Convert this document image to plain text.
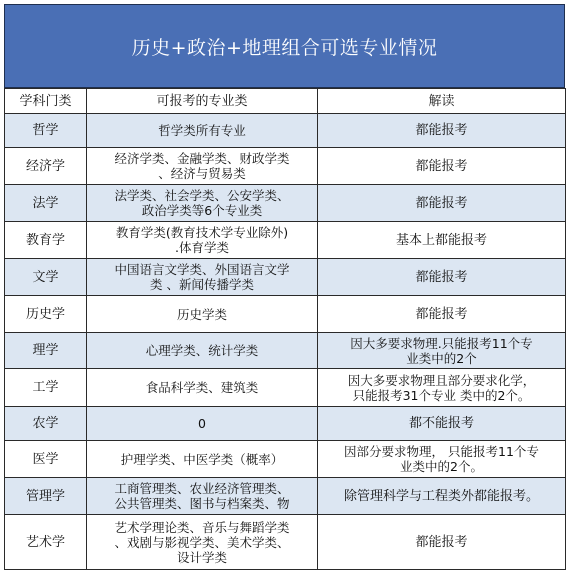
历史+政治+地理组合可选专业情况
学科门类	可报考的专业类	解读
哲学	哲学类所有专业	都能报考

经济学	经济学类、金融学类、财政学类
、经济与贸易类	都能报考

法学	法学类、社会学类、公安学类、
政治学类等6个专业类	都能报考

教育学	教育学类(教育技术学专业除外)
.体育学类	基本上都能报考

文学	中国语言文学类、外国语言文学
类 、新闻传播学类	都能报考

历史学	历史学类	都能报考

理学	心理学类、统计学类	因大多要求物理.只能报考11个专
业类中的2个

工学	食品科学类、建筑类	因大多要求物理且部分要求化学，
只能报考31个专业 类中的2个。

农学	0	都不能报考

医学	护理学类、中医学类（概率）	因部分要求物理， 只能报考11个专
业类中的2个。

管理学	工商管理类、农业经济管理类、
公共管理类、图书与档案类、物	除管理科学与工程类外都能报考。

艺术学	艺术学理论类、音乐与舞蹈学类
、戏剧与影视学类、美术学类、
设计学类	都能报考
